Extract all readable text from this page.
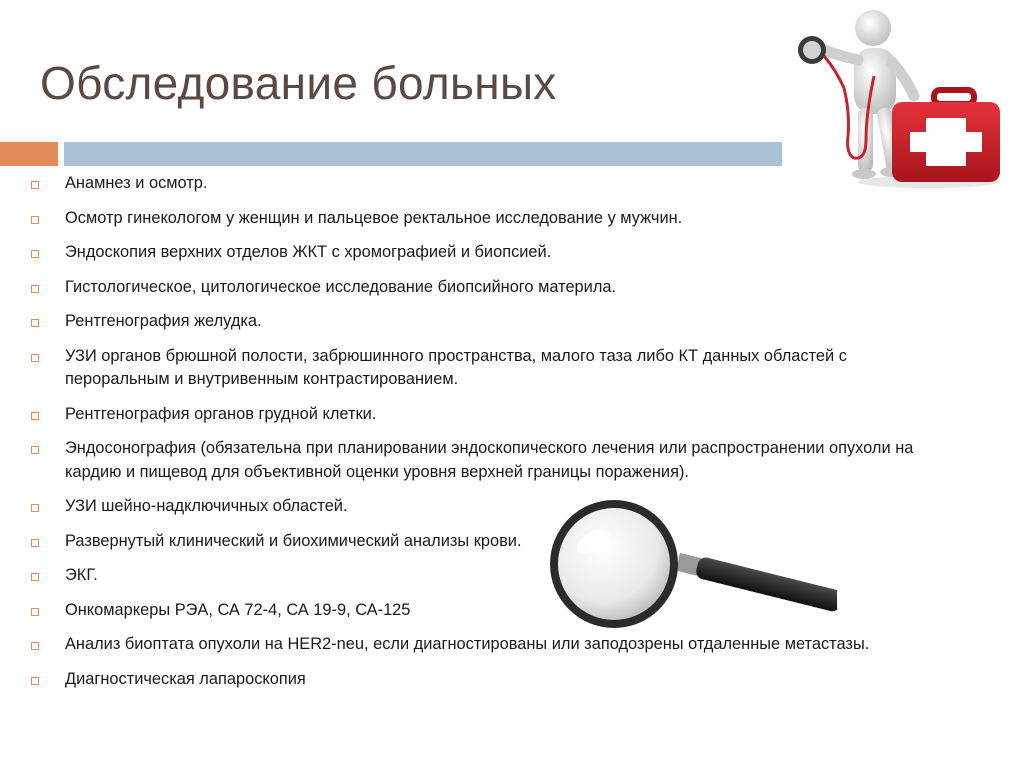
Обследование больных
Анамнез и осмотр.
Осмотр гинекологом у женщин и пальцевое ректальное исследование у мужчин.
Эндоскопия верхних отделов ЖКТ с хромографией и биопсией.
Гистологическое, цитологическое исследование биопсийного материла.
Рентгенография желудка.
УЗИ органов брюшной полости, забрюшинного пространства, малого таза либо КТ данных областей с пероральным и внутривенным контрастированием.
Рентгенография органов грудной клетки.
Эндосонография (обязательна при планировании эндоскопического лечения или распространении опухоли на кардию и пищевод для объективной оценки уровня верхней границы поражения).
УЗИ шейно-надключичных областей.
Развернутый клинический и биохимический анализы крови.
ЭКГ.
Онкомаркеры РЭА, СА 72-4, СА 19-9, СА-125
Анализ биоптата опухоли на HER2-neu, если диагностированы или заподозрены отдаленные метастазы.
Диагностическая лапароскопия
